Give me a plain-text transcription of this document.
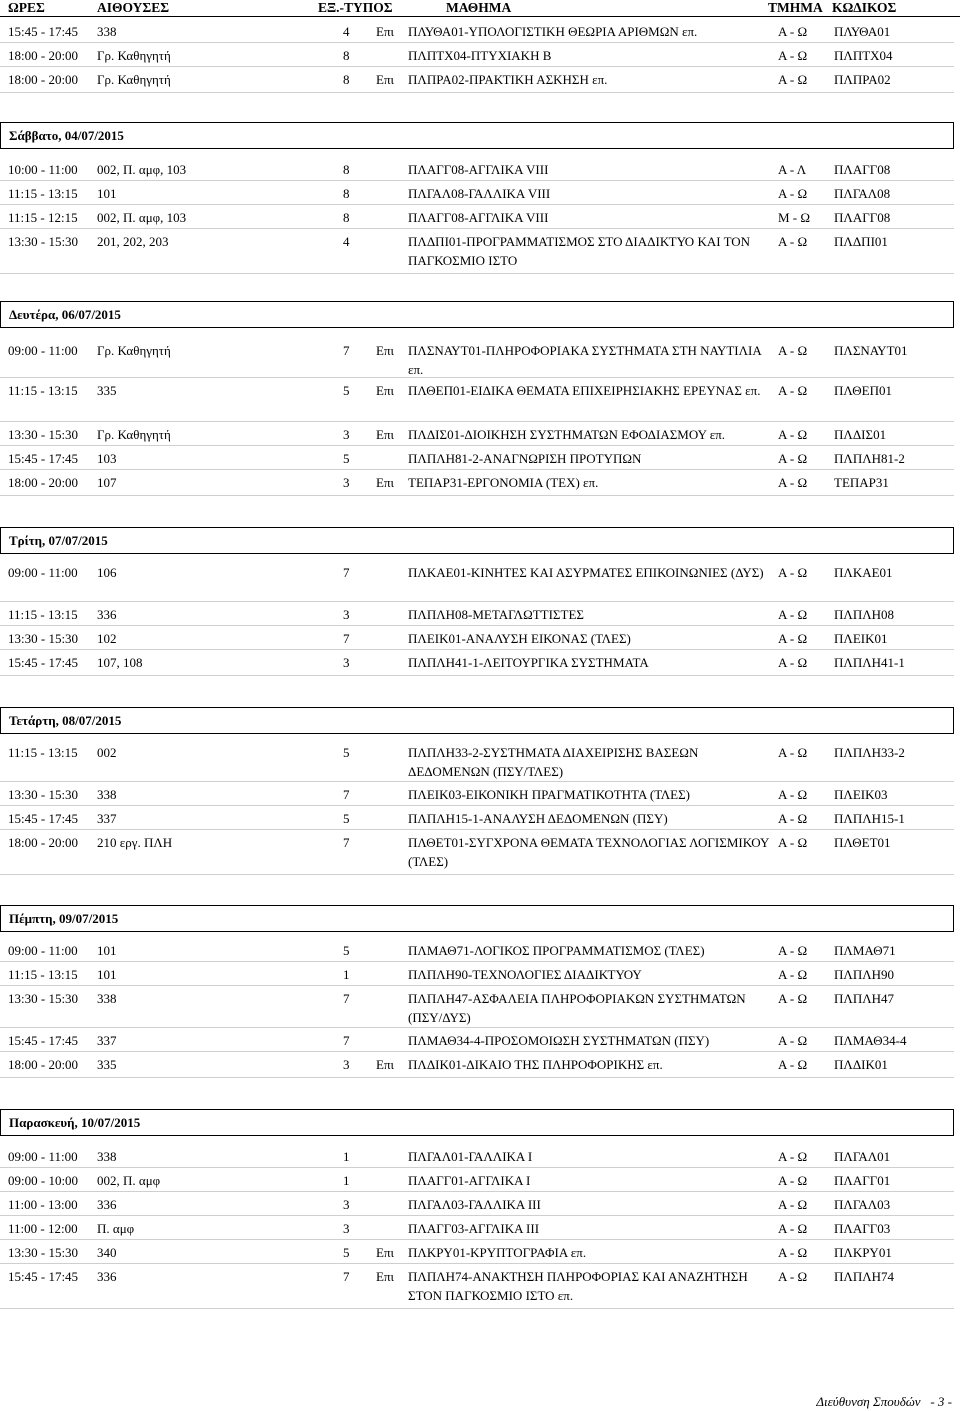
ΩΡΕΣ	ΑΙΘΟΥΣΕΣ	ΕΞ.-ΤΥΠΟΣ	ΜΑΘΗΜΑ	ΤΜΗΜΑ ΚΩΔΙΚΟΣ
15:45 - 17:45 338	4 Επι ΠΛΥΘΑ01-ΥΠΟΛΟΓΙΣΤΙΚΗ ΘΕΩΡΙΑ ΑΡΙΘΜΩΝ επ.	Α - Ω ΠΛΥΘΑ01
18:00 - 20:00 Γρ. Καθηγητή	8	ΠΛΠΤΧ04-ΠΤΥΧΙΑΚΗ Β	Α - Ω ΠΛΠΤΧ04
18:00 - 20:00 Γρ. Καθηγητή	8 Επι ΠΛΠΡΑ02-ΠΡΑΚΤΙΚΗ ΑΣΚΗΣΗ επ.	Α - Ω ΠΛΠΡΑ02
Σάββατο, 04/07/2015
10:00 - 11:00 002, Π. αμφ, 103	8	ΠΛΑΓΓ08-ΑΓΓΛΙΚΑ VIII	Α - Λ ΠΛΑΓΓ08
11:15 - 13:15 101	8	ΠΛΓΑΛ08-ΓΑΛΛΙΚΑ VIII	Α - Ω ΠΛΓΑΛ08
11:15 - 12:15 002, Π. αμφ, 103	8	ΠΛΑΓΓ08-ΑΓΓΛΙΚΑ VIII	Μ - Ω ΠΛΑΓΓ08
13:30 - 15:30 201, 202, 203	4	ΠΛΔΠΙ01-ΠΡΟΓΡΑΜΜΑΤΙΣΜΟΣ ΣΤΟ ΔΙΑΔΙΚΤΥΟ ΚΑΙ ΤΟΝ ΠΑΓΚΟΣΜΙΟ ΙΣΤΟ
Α - Ω ΠΛΔΠΙ01
Δευτέρα, 06/07/2015
09:00 - 11:00 Γρ. Καθηγητή	7 Επι ΠΛΣΝΑΥΤ01-ΠΛΗΡΟΦΟΡΙΑΚΑ ΣΥΣΤΗΜΑΤΑ ΣΤΗ ΝΑΥΤΙΛΙΑ επ.
Α - Ω ΠΛΣΝΑΥΤ01
11:15 - 13:15 335	5 Επι ΠΛΘΕΠ01-ΕΙΔΙΚΑ ΘΕΜΑΤΑ ΕΠΙΧΕΙΡΗΣΙΑΚΗΣ ΕΡΕΥΝΑΣ επ.	Α - Ω ΠΛΘΕΠ01
13:30 - 15:30 Γρ. Καθηγητή	3 Επι ΠΛΔΙΣ01-ΔΙΟΙΚΗΣΗ ΣΥΣΤΗΜΑΤΩΝ ΕΦΟΔΙΑΣΜΟΥ επ.	Α - Ω ΠΛΔΙΣ01
15:45 - 17:45 103	5	ΠΛΠΛΗ81-2-ΑΝΑΓΝΩΡΙΣΗ ΠΡΟΤΥΠΩΝ	Α - Ω ΠΛΠΛΗ81-2
18:00 - 20:00 107	3 Επι ΤΕΠΑΡ31-ΕΡΓΟΝΟΜΙΑ (ΤΕΧ) επ.	Α - Ω ΤΕΠΑΡ31
Τρίτη, 07/07/2015
09:00 - 11:00 106	7	ΠΛΚΑΕ01-ΚΙΝΗΤΕΣ ΚΑΙ ΑΣΥΡΜΑΤΕΣ ΕΠΙΚΟΙΝΩΝΙΕΣ (ΔΥΣ)	Α - Ω ΠΛΚΑΕ01
11:15 - 13:15 336	3	ΠΛΠΛΗ08-ΜΕΤΑΓΛΩΤΤΙΣΤΕΣ	Α - Ω ΠΛΠΛΗ08
13:30 - 15:30 102	7	ΠΛΕΙΚ01-ΑΝΑΛΥΣΗ ΕΙΚΟΝΑΣ (ΤΛΕΣ)	Α - Ω ΠΛΕΙΚ01
15:45 - 17:45 107, 108	3	ΠΛΠΛΗ41-1-ΛΕΙΤΟΥΡΓΙΚΑ ΣΥΣΤΗΜΑΤΑ	Α - Ω ΠΛΠΛΗ41-1
Τετάρτη, 08/07/2015
11:15 - 13:15 002	5	ΠΛΠΛΗ33-2-ΣΥΣΤΗΜΑΤΑ ΔΙΑΧΕΙΡΙΣΗΣ ΒΑΣΕΩΝ ΔΕΔΟΜΕΝΩΝ (ΠΣΥ/ΤΛΕΣ)
Α - Ω ΠΛΠΛΗ33-2
13:30 - 15:30 338	7	ΠΛΕΙΚ03-ΕΙΚΟΝΙΚΗ ΠΡΑΓΜΑΤΙΚΟΤΗΤΑ (ΤΛΕΣ)	Α - Ω ΠΛΕΙΚ03
15:45 - 17:45 337	5	ΠΛΠΛΗ15-1-ΑΝΑΛΥΣΗ ΔΕΔΟΜΕΝΩΝ (ΠΣΥ)	Α - Ω ΠΛΠΛΗ15-1
18:00 - 20:00 210 εργ. ΠΛΗ	7	ΠΛΘΕΤ01-ΣΥΓΧΡΟΝΑ ΘΕΜΑΤΑ ΤΕΧΝΟΛΟΓΙΑΣ ΛΟΓΙΣΜΙΚΟΥ (ΤΛΕΣ)
Α - Ω ΠΛΘΕΤ01
Πέμπτη, 09/07/2015
09:00 - 11:00 101	5	ΠΛΜΑΘ71-ΛΟΓΙΚΟΣ ΠΡΟΓΡΑΜΜΑΤΙΣΜΟΣ (ΤΛΕΣ)	Α - Ω ΠΛΜΑΘ71
11:15 - 13:15 101	1	ΠΛΠΛΗ90-ΤΕΧΝΟΛΟΓΙΕΣ ΔΙΑΔΙΚΤΥΟΥ	Α - Ω ΠΛΠΛΗ90
13:30 - 15:30 338	7	ΠΛΠΛΗ47-ΑΣΦΑΛΕΙΑ ΠΛΗΡΟΦΟΡΙΑΚΩΝ ΣΥΣΤΗΜΑΤΩΝ (ΠΣΥ/ΔΥΣ)
Α - Ω ΠΛΠΛΗ47
15:45 - 17:45 337	7	ΠΛΜΑΘ34-4-ΠΡΟΣΟΜΟΙΩΣΗ ΣΥΣΤΗΜΑΤΩΝ (ΠΣΥ)	Α - Ω ΠΛΜΑΘ34-4
18:00 - 20:00 335	3 Επι ΠΛΔΙΚ01-ΔΙΚΑΙΟ ΤΗΣ ΠΛΗΡΟΦΟΡΙΚΗΣ επ.	Α - Ω ΠΛΔΙΚ01
Παρασκευή, 10/07/2015
09:00 - 11:00 338	1	ΠΛΓΑΛ01-ΓΑΛΛΙΚΑ Ι	Α - Ω ΠΛΓΑΛ01
09:00 - 10:00 002, Π. αμφ	1	ΠΛΑΓΓ01-ΑΓΓΛΙΚΑ Ι	Α - Ω ΠΛΑΓΓ01
11:00 - 13:00 336	3	ΠΛΓΑΛ03-ΓΑΛΛΙΚΑ ΙΙΙ	Α - Ω ΠΛΓΑΛ03
11:00 - 12:00 Π. αμφ	3	ΠΛΑΓΓ03-ΑΓΓΛΙΚΑ ΙΙΙ	Α - Ω ΠΛΑΓΓ03
13:30 - 15:30 340	5 Επι ΠΛΚΡΥ01-ΚΡΥΠΤΟΓΡΑΦΙΑ επ.	Α - Ω ΠΛΚΡΥ01
15:45 - 17:45 336	7 Επι ΠΛΠΛΗ74-ΑΝΑΚΤΗΣΗ ΠΛΗΡΟΦΟΡΙΑΣ ΚΑΙ ΑΝΑΖΗΤΗΣΗ ΣΤΟΝ ΠΑΓΚΟΣΜΙΟ ΙΣΤΟ επ.
Α - Ω ΠΛΠΛΗ74
Διεύθυνση Σπουδών - 3 -
